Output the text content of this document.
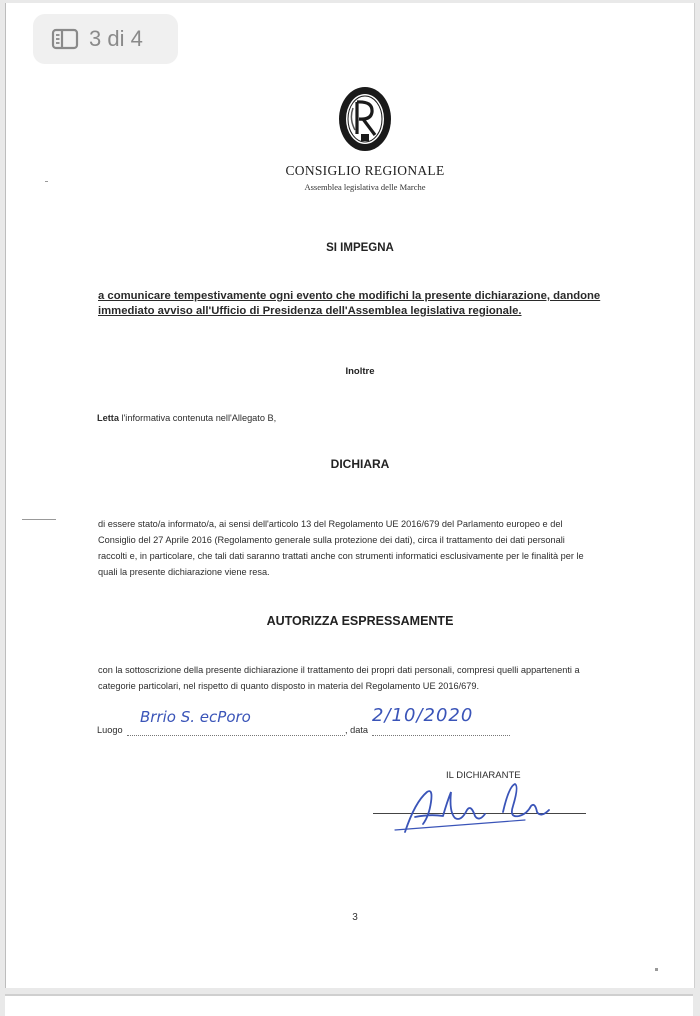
3 di 4
CONSIGLIO REGIONALE
Assemblea legislativa delle Marche
SI IMPEGNA
a comunicare tempestivamente ogni evento che modifichi la presente dichiarazione, dandone
immediato avviso all'Ufficio di Presidenza dell'Assemblea legislativa regionale.
Inoltre
Letta l'informativa contenuta nell'Allegato B,
DICHIARA
di essere stato/a informato/a, ai sensi dell'articolo 13 del Regolamento UE 2016/679 del Parlamento europeo e del
Consiglio del 27 Aprile 2016 (Regolamento generale sulla protezione dei dati), circa il trattamento dei dati personali
raccolti e, in particolare, che tali dati saranno trattati anche con strumenti informatici esclusivamente per le finalità per le
quali la presente dichiarazione viene resa.
AUTORIZZA ESPRESSAMENTE
con la sottoscrizione della presente dichiarazione il trattamento dei propri dati personali, compresi quelli appartenenti a
categorie particolari, nel rispetto di quanto disposto in materia del Regolamento UE 2016/679.
Luogo
Brrio S. ecPoro
, data
2/10/2020
IL DICHIARANTE
3
